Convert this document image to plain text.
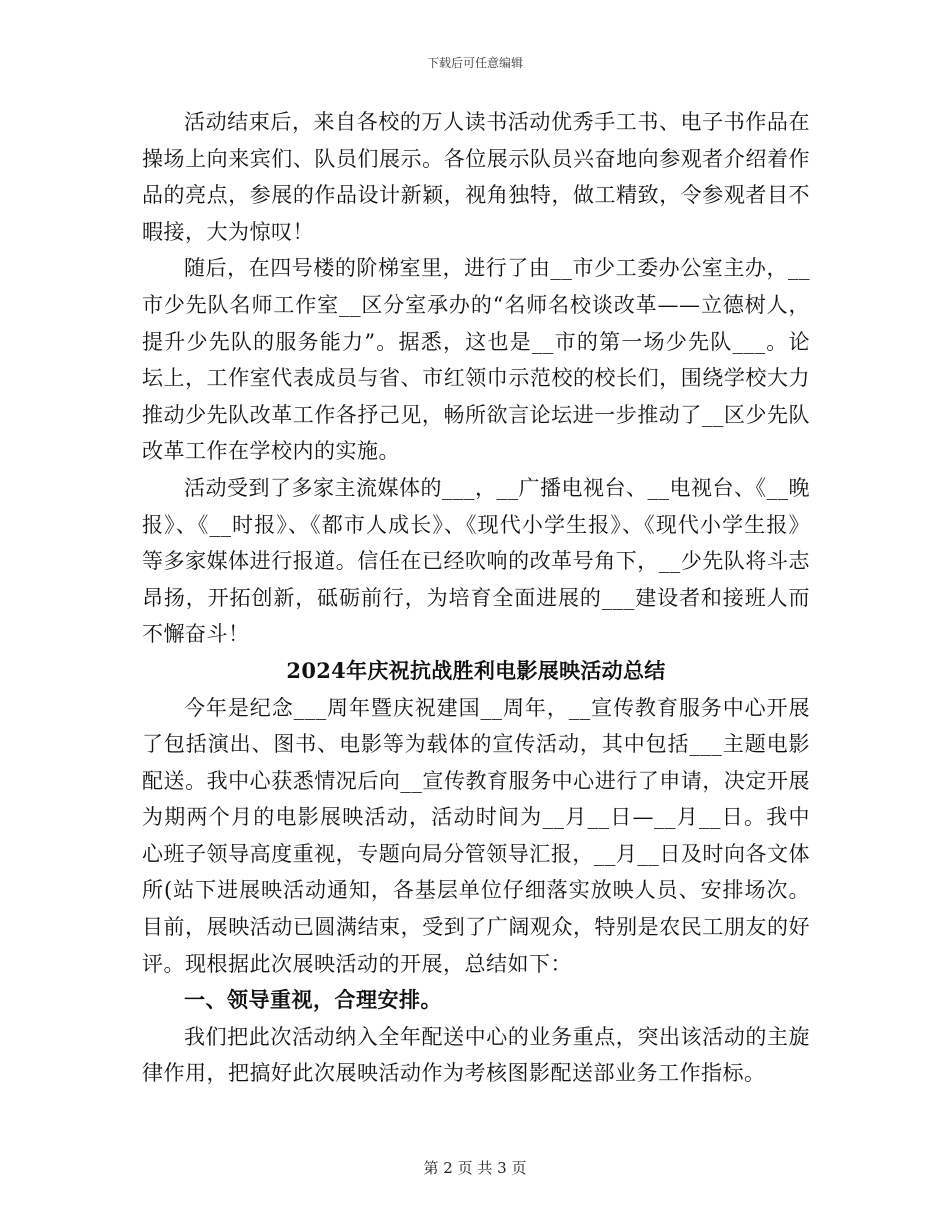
下载后可任意编辑

活动结束后，来自各校的万人读书活动优秀手工书、电子书作品在操场上向来宾们、队员们展示。各位展示队员兴奋地向参观者介绍着作品的亮点，参展的作品设计新颖，视角独特，做工精致，令参观者目不暇接，大为惊叹！

随后，在四号楼的阶梯室里，进行了由__市少工委办公室主办，__市少先队名师工作室__区分室承办的“名师名校谈改革——立德树人，提升少先队的服务能力”。据悉，这也是__市的第一场少先队___。论坛上，工作室代表成员与省、市红领巾示范校的校长们，围绕学校大力推动少先队改革工作各抒己见，畅所欲言论坛进一步推动了__区少先队改革工作在学校内的实施。

活动受到了多家主流媒体的___，__广播电视台、__电视台、《__晚报》、《__时报》、《都市人成长》、《现代小学生报》、《现代小学生报》等多家媒体进行报道。信任在已经吹响的改革号角下，__少先队将斗志昂扬，开拓创新，砥砺前行，为培育全面进展的___建设者和接班人而不懈奋斗！

2024年庆祝抗战胜利电影展映活动总结

今年是纪念___周年暨庆祝建国__周年，__宣传教育服务中心开展了包括演出、图书、电影等为载体的宣传活动，其中包括___主题电影配送。我中心获悉情况后向__宣传教育服务中心进行了申请，决定开展为期两个月的电影展映活动，活动时间为__月__日—__月__日。我中心班子领导高度重视，专题向局分管领导汇报，__月__日及时向各文体所(站下进展映活动通知，各基层单位仔细落实放映人员、安排场次。目前，展映活动已圆满结束，受到了广阔观众，特别是农民工朋友的好评。现根据此次展映活动的开展，总结如下：

一、领导重视，合理安排。

我们把此次活动纳入全年配送中心的业务重点，突出该活动的主旋律作用，把搞好此次展映活动作为考核图影配送部业务工作指标。

第 2 页 共 3 页
